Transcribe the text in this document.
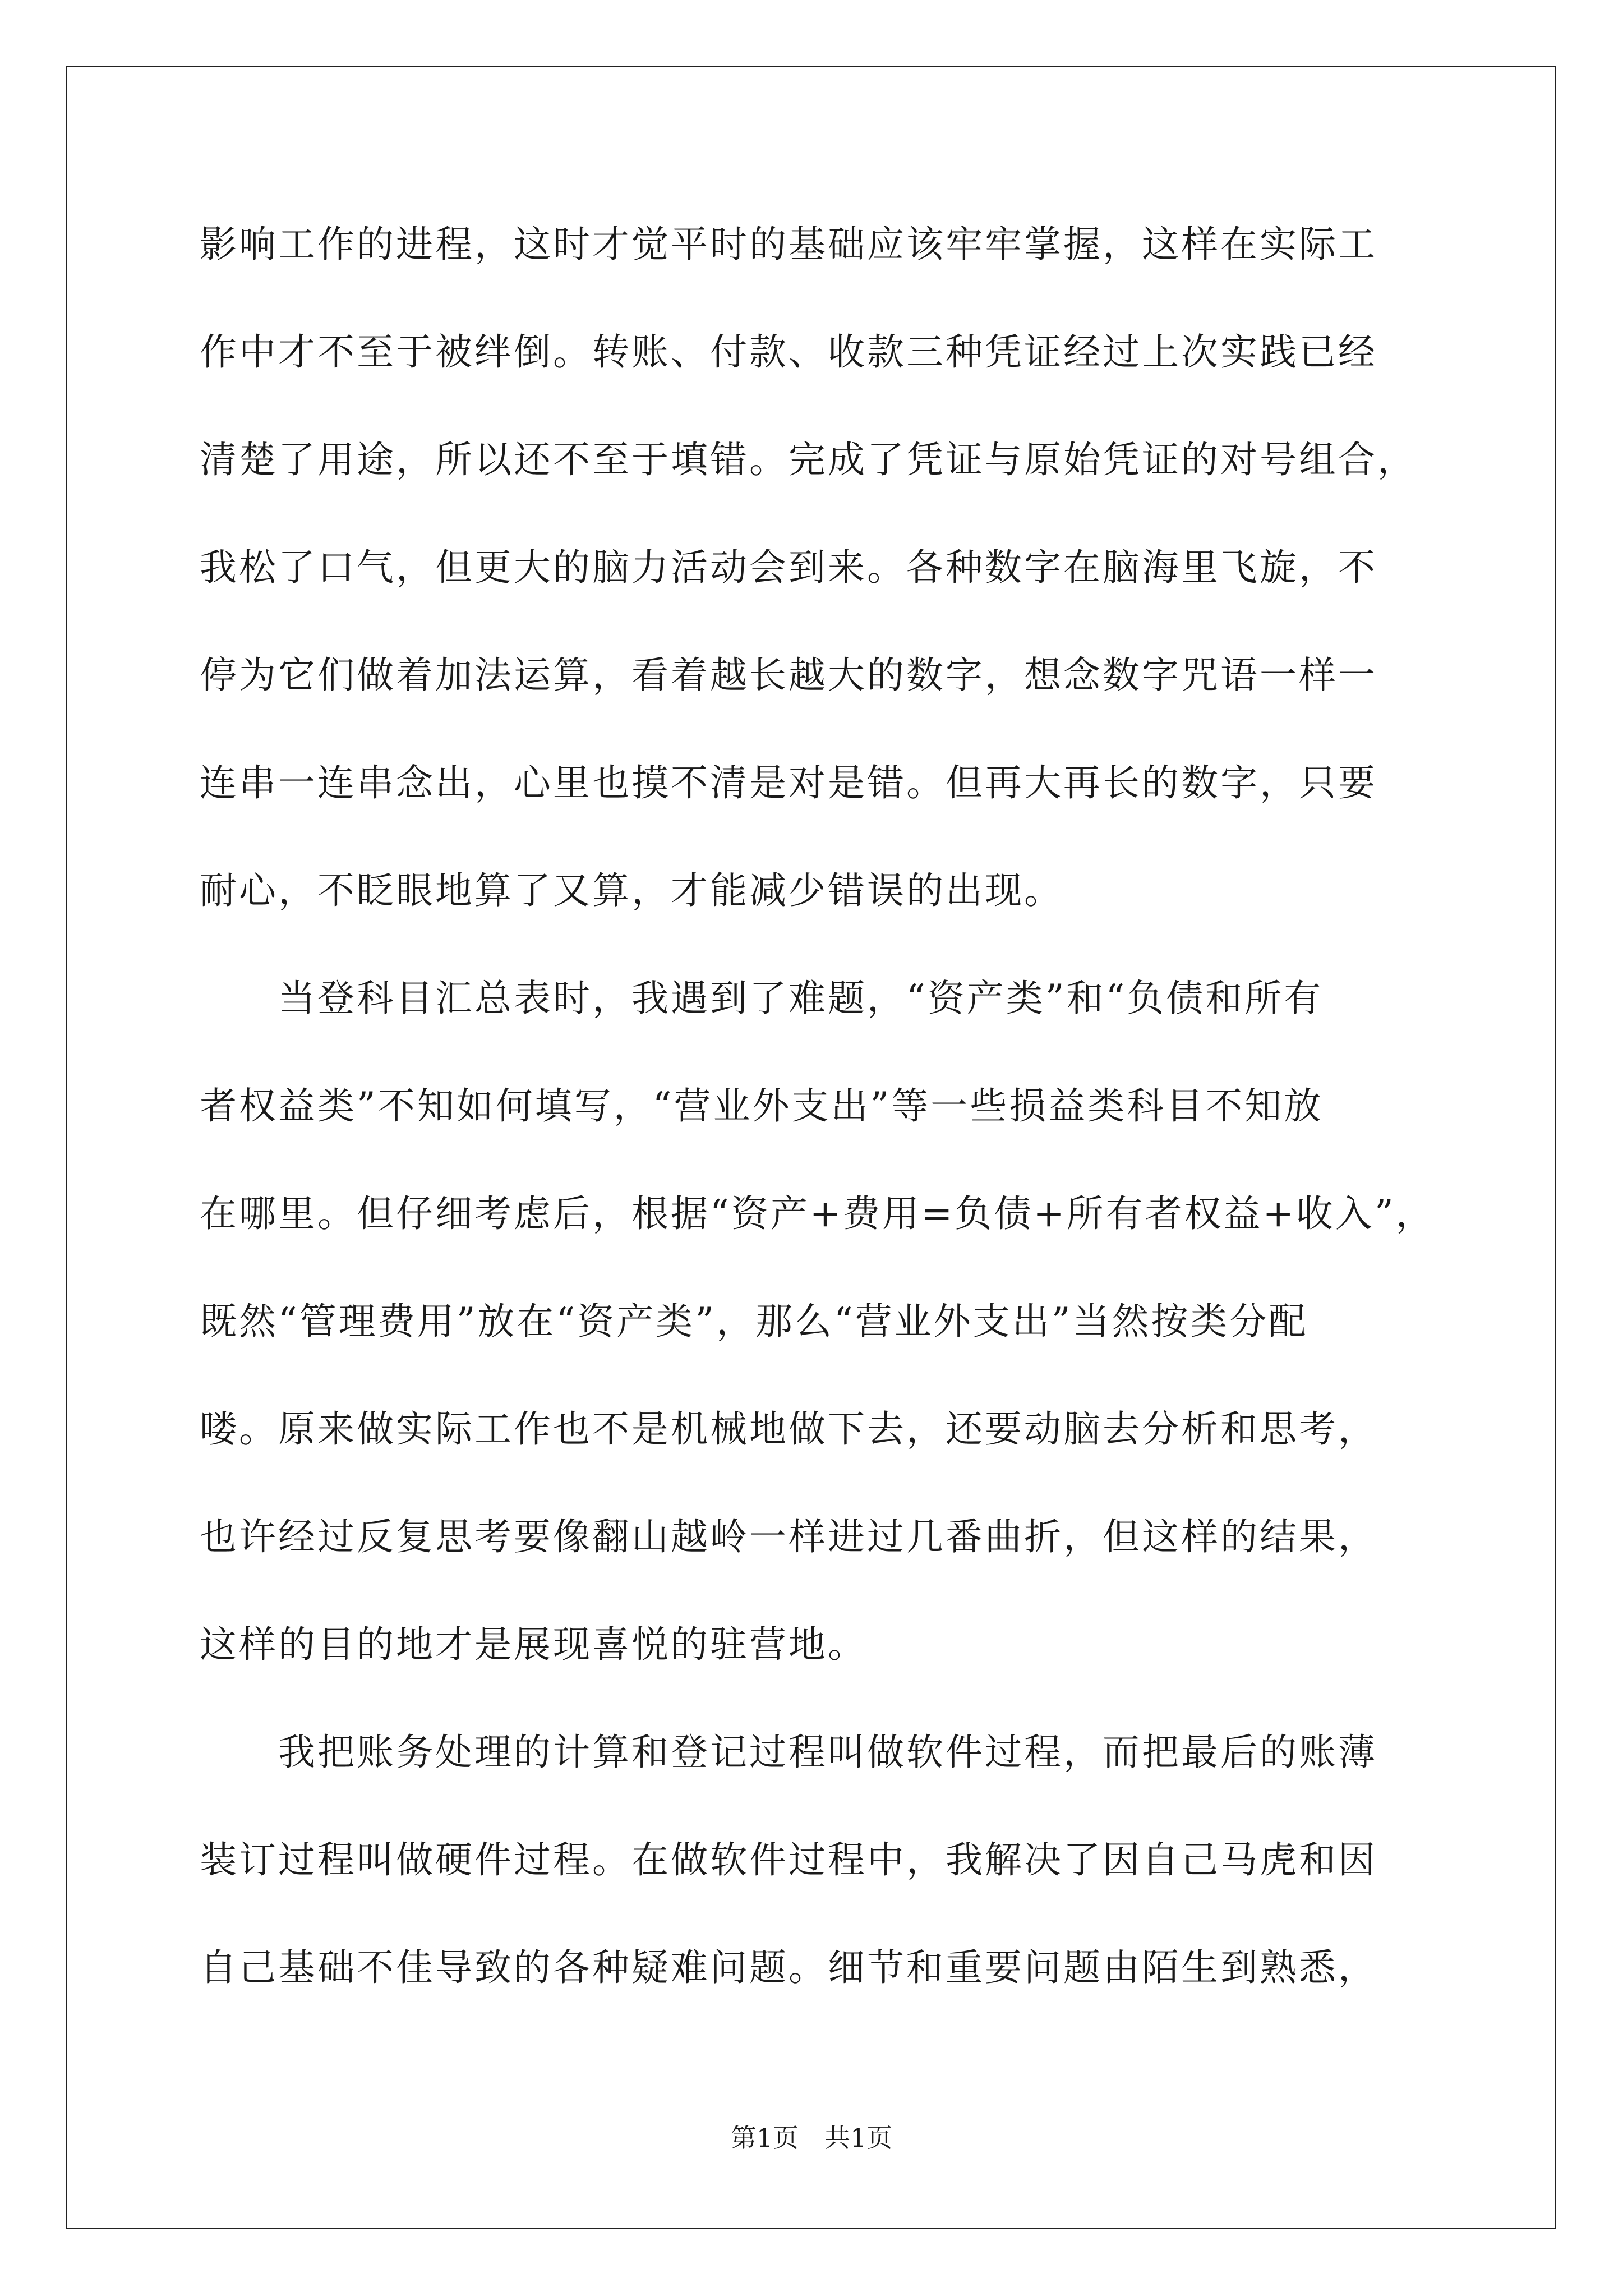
影响工作的进程，这时才觉平时的基础应该牢牢掌握，这样在实际工
作中才不至于被绊倒。转账、付款、收款三种凭证经过上次实践已经
清楚了用途，所以还不至于填错。完成了凭证与原始凭证的对号组合，
我松了口气，但更大的脑力活动会到来。各种数字在脑海里飞旋，不
停为它们做着加法运算，看着越长越大的数字，想念数字咒语一样一
连串一连串念出，心里也摸不清是对是错。但再大再长的数字，只要
耐心，不眨眼地算了又算，才能减少错误的出现。
当登科目汇总表时，我遇到了难题，“资产类”和“负债和所有
者权益类”不知如何填写，“营业外支出”等一些损益类科目不知放
在哪里。但仔细考虑后，根据“资产+费用=负债+所有者权益+收入”，
既然“管理费用”放在“资产类”，那么“营业外支出”当然按类分配
喽。原来做实际工作也不是机械地做下去，还要动脑去分析和思考，
也许经过反复思考要像翻山越岭一样进过几番曲折，但这样的结果，
这样的目的地才是展现喜悦的驻营地。
我把账务处理的计算和登记过程叫做软件过程，而把最后的账薄
装订过程叫做硬件过程。在做软件过程中，我解决了因自己马虎和因
自己基础不佳导致的各种疑难问题。细节和重要问题由陌生到熟悉，
第1页　共1页
